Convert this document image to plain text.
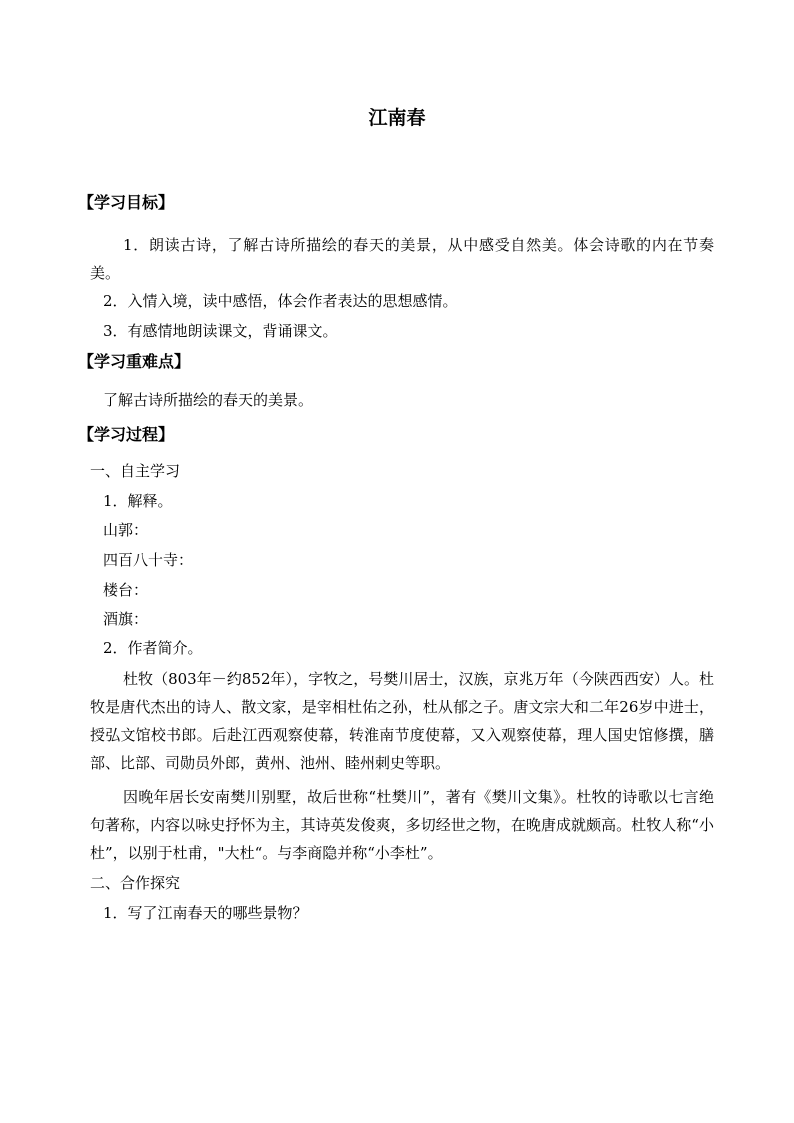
江南春
【学习目标】
1．朗读古诗，了解古诗所描绘的春天的美景，从中感受自然美。体会诗歌的内在节奏美。
2．入情入境，读中感悟，体会作者表达的思想感情。
3．有感情地朗读课文，背诵课文。
【学习重难点】
了解古诗所描绘的春天的美景。
【学习过程】
一、自主学习
1．解释。
山郭：
四百八十寺：
楼台：
酒旗：
2．作者简介。
杜牧（803年－约852年），字牧之，号樊川居士，汉族，京兆万年（今陕西西安）人。杜牧是唐代杰出的诗人、散文家，是宰相杜佑之孙，杜从郁之子。唐文宗大和二年26岁中进士，授弘文馆校书郎。后赴江西观察使幕，转淮南节度使幕，又入观察使幕，理人国史馆修撰，膳部、比部、司勋员外郎，黄州、池州、睦州刺史等职。
因晚年居长安南樊川别墅，故后世称“杜樊川”，著有《樊川文集》。杜牧的诗歌以七言绝句著称，内容以咏史抒怀为主，其诗英发俊爽，多切经世之物，在晚唐成就颇高。杜牧人称“小杜”，以别于杜甫，"大杜“。与李商隐并称“小李杜”。
二、合作探究
1．写了江南春天的哪些景物？
